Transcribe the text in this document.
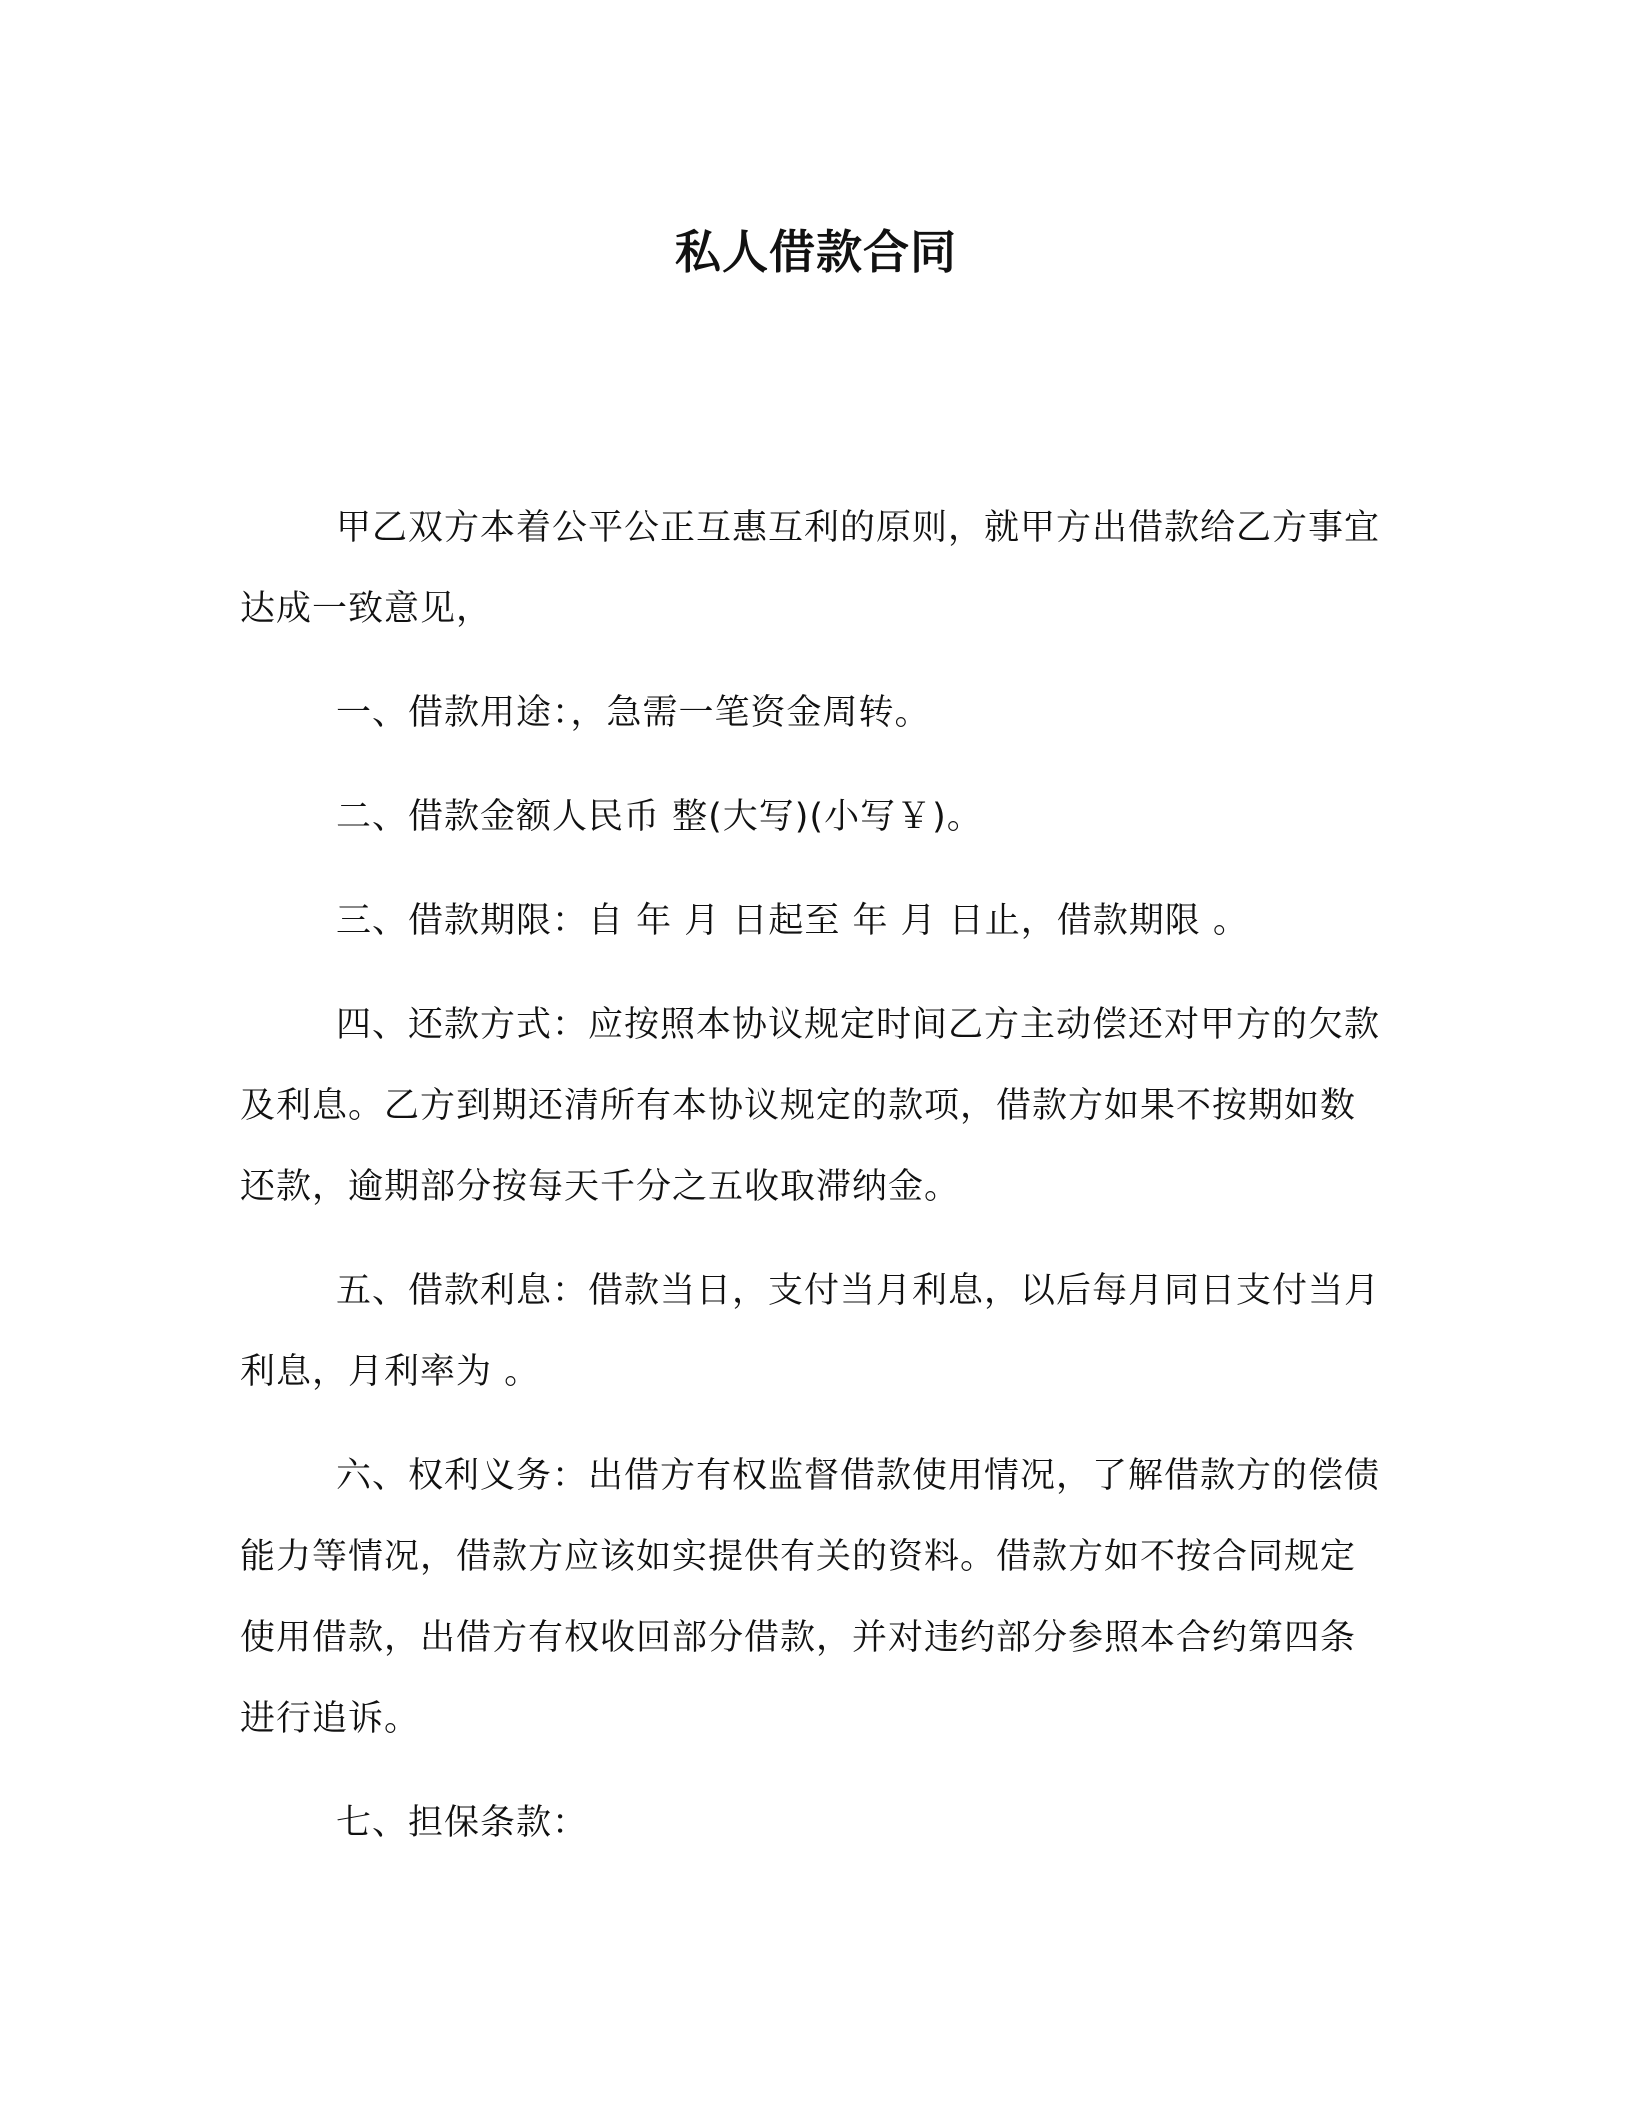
私人借款合同

甲乙双方本着公平公正互惠互利的原则，就甲方出借款给乙方事宜达成一致意见，

一、借款用途：，急需一笔资金周转。

二、借款金额人民币 整(大写)(小写￥)。

三、借款期限：自 年 月 日起至 年 月 日止，借款期限 。

四、还款方式：应按照本协议规定时间乙方主动偿还对甲方的欠款及利息。乙方到期还清所有本协议规定的款项，借款方如果不按期如数还款，逾期部分按每天千分之五收取滞纳金。

五、借款利息：借款当日，支付当月利息，以后每月同日支付当月利息，月利率为 。

六、权利义务：出借方有权监督借款使用情况，了解借款方的偿债能力等情况，借款方应该如实提供有关的资料。借款方如不按合同规定使用借款，出借方有权收回部分借款，并对违约部分参照本合约第四条进行追诉。

七、担保条款：
